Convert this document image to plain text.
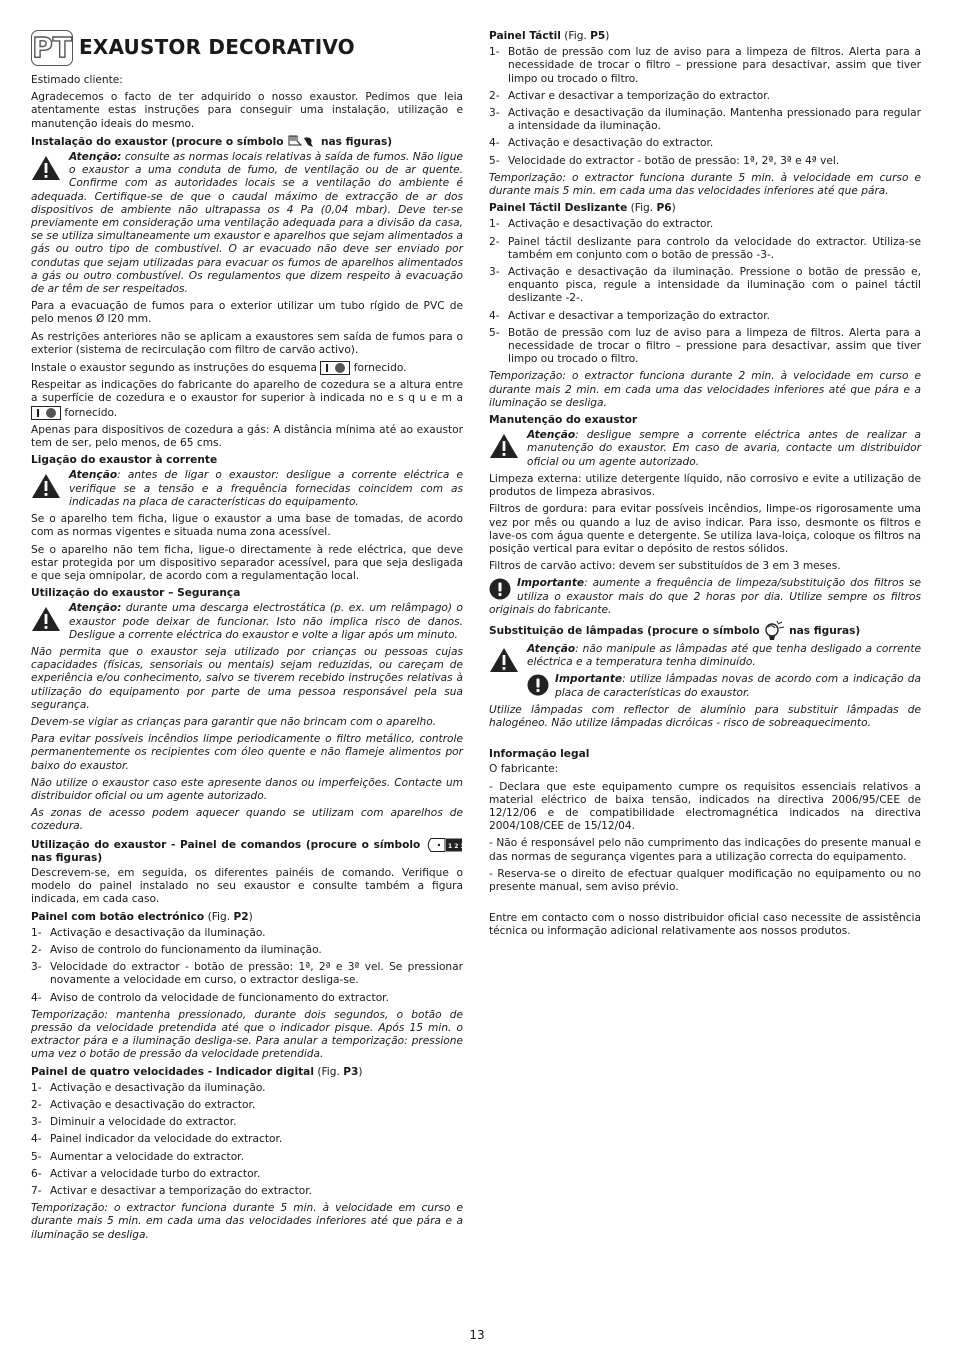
PT EXAUSTOR DECORATIVO

Estimado cliente:

Agradecemos o facto de ter adquirido o nosso exaustor. Pedimos que leia atentamente estas instruções para conseguir uma instalação, utilização e manutenção ideais do mesmo.

Instalação do exaustor (procure o símbolo	nas figuras)

Atenção: consulte as normas locais relativas à saída de fumos. Não ligue o exaustor a uma conduta de fumo, de ventilação ou de ar quente. Confirme com as autoridades locais se a ventilação do ambiente é adequada. Certifique-se de que o caudal máximo de extracção de ar dos dispositivos de ambiente não ultrapassa os 4 Pa (0,04 mbar). Deve ter-se previamente em consideração uma ventilação adequada para a divisão da casa, se se utiliza simultaneamente um exaustor e aparelhos que sejam alimentados a gás ou outro tipo de combustível. O ar evacuado não deve ser enviado por condutas que sejam utilizadas para evacuar os fumos de aparelhos alimentados a gás ou outro combustível. Os regulamentos que dizem respeito à evacuação de ar têm de ser respeitados.

Para a evacuação de fumos para o exterior utilizar um tubo rígido de PVC de pelo menos Ø l20 mm.

As restrições anteriores não se aplicam a exaustores sem saída de fumos para o exterior (sistema de recirculação com filtro de carvão activo).

Instale o exaustor segundo as instruções do esquema I fornecido.

Respeitar as indicações do fabricante do aparelho de cozedura se a altura entre a superfície de cozedura e o exaustor for superior à indicada no e s q u e m a
I fornecido.

Apenas para dispositivos de cozedura a gás: A distância mínima até ao exaustor tem de ser, pelo menos, de 65 cms.

Ligação do exaustor à corrente

Atenção: antes de ligar o exaustor: desligue a corrente eléctrica e verifique se a tensão e a frequência fornecidas coincidem com as indicadas na placa de características do equipamento.

Se o aparelho tem ficha, ligue o exaustor a uma base de tomadas, de acordo com as normas vigentes e situada numa zona acessível.

Se o aparelho não tem ficha, ligue-o directamente à rede eléctrica, que deve estar protegida por um dispositivo separador acessível, para que seja desligada e que seja omnipolar, de acordo com a regulamentação local.

Utilização do exaustor – Segurança

Atenção: durante uma descarga electrostática (p. ex. um relâmpago) o exaustor pode deixar de funcionar. Isto não implica risco de danos. Desligue a corrente eléctrica do exaustor e volte a ligar após um minuto.

Não permita que o exaustor seja utilizado por crianças ou pessoas cujas capacidades (físicas, sensoriais ou mentais) sejam reduzidas, ou careçam de experiência e/ou conhecimento, salvo se tiverem recebido instruções relativas à utilização do equipamento por parte de uma pessoa responsável pela sua segurança.

Devem-se vigiar as crianças para garantir que não brincam com o aparelho.

Para evitar possíveis incêndios limpe periodicamente o filtro metálico, controle permanentemente os recipientes com óleo quente e não flameje alimentos por baixo do exaustor.

Não utilize o exaustor caso este apresente danos ou imperfeições. Contacte um distribuidor oficial ou um agente autorizado.

As zonas de acesso podem aquecer quando se utilizam com aparelhos de cozedura.

Utilização do exaustor - Painel de comandos (procure o símbolo	1 2 3
nas figuras)

Descrevem-se, em seguida, os diferentes painéis de comando. Verifique o modelo do painel instalado no seu exaustor e consulte também a figura indicada, em cada caso.

Painel com botão electrónico (Fig. P2)

1- Activação e desactivação da iluminação.
2- Aviso de controlo do funcionamento da iluminação.
3- Velocidade do extractor - botão de pressão: 1ª, 2ª e 3ª vel. Se pressionar novamente a velocidade em curso, o extractor desliga-se.
4- Aviso de controlo da velocidade de funcionamento do extractor.

Temporização: mantenha pressionado, durante dois segundos, o botão de pressão da velocidade pretendida até que o indicador pisque. Após 15 min. o extractor pára e a iluminação desliga-se. Para anular a temporização: pressione uma vez o botão de pressão da velocidade pretendida.

Painel de quatro velocidades - Indicador digital (Fig. P3)

1- Activação e desactivação da iluminação.
2- Activação e desactivação do extractor.
3- Diminuir a velocidade do extractor.
4- Painel indicador da velocidade do extractor.
5- Aumentar a velocidade do extractor.
6- Activar a velocidade turbo do extractor.
7- Activar e desactivar a temporização do extractor.

Temporização: o extractor funciona durante 5 min. à velocidade em curso e durante mais 5 min. em cada uma das velocidades inferiores até que pára e a iluminação se desliga.

Painel Táctil (Fig. P5)

1- Botão de pressão com luz de aviso para a limpeza de filtros. Alerta para a necessidade de trocar o filtro – pressione para desactivar, assim que tiver limpo ou trocado o filtro.
2- Activar e desactivar a temporização do extractor.
3- Activação e desactivação da iluminação. Mantenha pressionado para regular a intensidade da iluminação.
4- Activação e desactivação do extractor.
5- Velocidade do extractor - botão de pressão: 1ª, 2ª, 3ª e 4ª vel.

Temporização: o extractor funciona durante 5 min. à velocidade em curso e durante mais 5 min. em cada uma das velocidades inferiores até que pára.

Painel Táctil Deslizante (Fig. P6)

1- Activação e desactivação do extractor.
2- Painel táctil deslizante para controlo da velocidade do extractor. Utiliza-se também em conjunto com o botão de pressão -3-.
3- Activação e desactivação da iluminação. Pressione o botão de pressão e, enquanto pisca, regule a intensidade da iluminação com o painel táctil deslizante -2-.
4- Activar e desactivar a temporização do extractor.
5- Botão de pressão com luz de aviso para a limpeza de filtros. Alerta para a necessidade de trocar o filtro – pressione para desactivar, assim que tiver limpo ou trocado o filtro.

Temporização: o extractor funciona durante 2 min. à velocidade em curso e durante mais 2 min. em cada uma das velocidades inferiores até que pára e a iluminação se desliga.

Manutenção do exaustor

Atenção: desligue sempre a corrente eléctrica antes de realizar a manutenção do exaustor. Em caso de avaria, contacte um distribuidor oficial ou um agente autorizado.

Limpeza externa: utilize detergente líquido, não corrosivo e evite a utilização de produtos de limpeza abrasivos.

Filtros de gordura: para evitar possíveis incêndios, limpe-os rigorosamente uma vez por mês ou quando a luz de aviso indicar. Para isso, desmonte os filtros e lave-os com água quente e detergente. Se utiliza lava-loiça, coloque os filtros na posição vertical para evitar o depósito de restos sólidos.

Filtros de carvão activo: devem ser substituídos de 3 em 3 meses.

Importante: aumente a frequência de limpeza/substituição dos filtros se utiliza o exaustor mais do que 2 horas por dia. Utilize sempre os filtros originais do fabricante.

Substituição de lâmpadas (procure o símbolo	nas figuras)

Atenção: não manipule as lâmpadas até que tenha desligado a corrente eléctrica e a temperatura tenha diminuído.

Importante: utilize lâmpadas novas de acordo com a indicação da placa de características do exaustor.

Utilize lâmpadas com reflector de alumínio para substituir lâmpadas de halogéneo. Não utilize lâmpadas dicróicas - risco de sobreaquecimento.

Informação legal

O fabricante:

- Declara que este equipamento cumpre os requisitos essenciais relativos a material eléctrico de baixa tensão, indicados na directiva 2006/95/CEE de 12/12/06 e de compatibilidade electromagnética indicados na directiva 2004/108/CEE de 15/12/04.

- Não é responsável pelo não cumprimento das indicações do presente manual e das normas de segurança vigentes para a utilização correcta do equipamento.

- Reserva-se o direito de efectuar qualquer modificação no equipamento ou no presente manual, sem aviso prévio.

Entre em contacto com o nosso distribuidor oficial caso necessite de assistência técnica ou informação adicional relativamente aos nossos produtos.

13
